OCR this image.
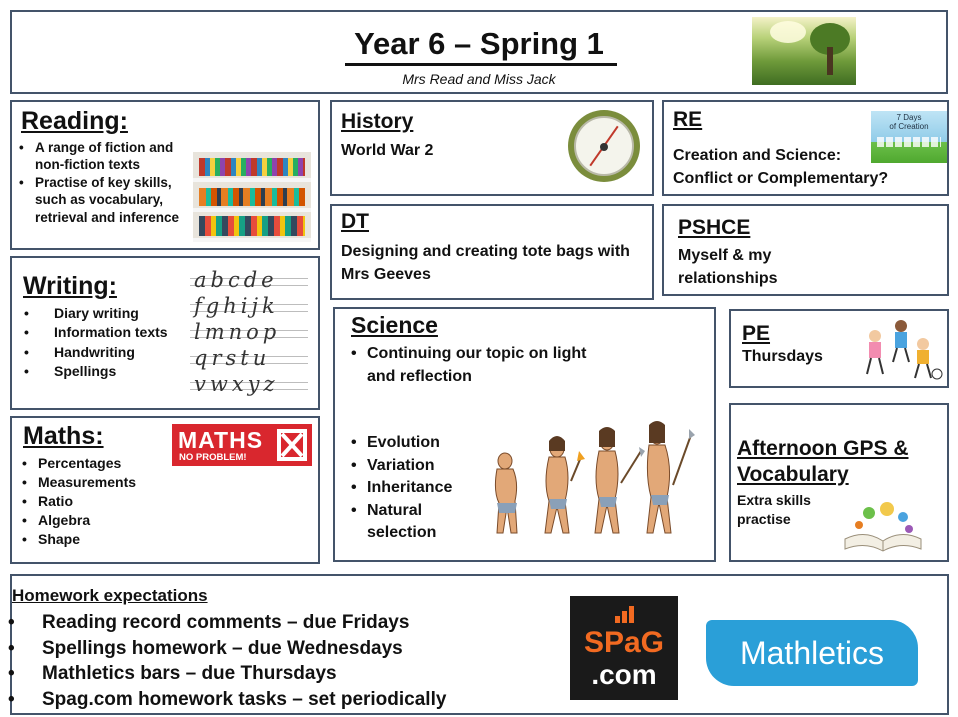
Year 6 – Spring 1
Mrs Read and Miss Jack
Reading:
• A range of fiction and non-fiction texts
• Practise of key skills, such as vocabulary, retrieval and inference
History
World War 2
RE
Creation and Science:
Conflict or Complementary?
7 Days
of Creation
DT
Designing and creating tote bags with Mrs Geeves
PSHCE
Myself & my relationships
Writing:
• Diary writing
• Information texts
• Handwriting
• Spellings
abcde
fghijk
lmnop
qrstu
vwxyz
Science
• Continuing our topic on light and reflection
• Evolution
• Variation
• Inheritance
• Natural selection
PE
Thursdays
Maths:
• Percentages
• Measurements
• Ratio
• Algebra
• Shape
MATHS
NO PROBLEM!	Afternoon GPS &
Vocabulary
Extra skills practise
Homework expectations
• Reading record comments – due Fridays
• Spellings homework – due Wednesdays
• Mathletics bars – due Thursdays
• Spag.com homework tasks – set periodically
SPaG
.com
Mathletics
